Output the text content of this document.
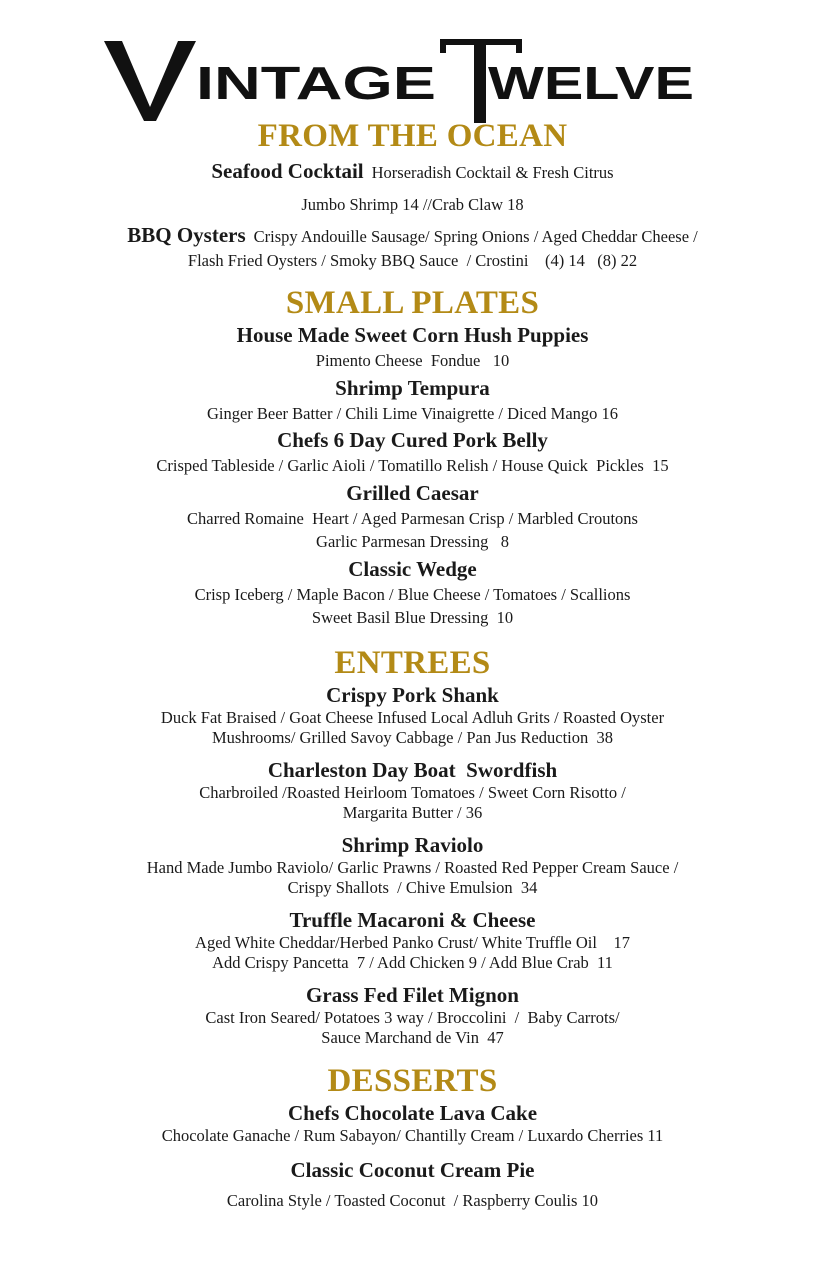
INTAGE WELVE
FROM THE OCEAN

Seafood Cocktail Horseradish Cocktail & Fresh Citrus

Jumbo Shrimp 14 //Crab Claw 18

BBQ Oysters Crispy Andouille Sausage/ Spring Onions / Aged Cheddar Cheese /

Flash Fried Oysters / Smoky BBQ Sauce  / Crostini    (4) 14   (8) 22

SMALL PLATES

House Made Sweet Corn Hush Puppies

Pimento Cheese  Fondue   10

Shrimp Tempura

Ginger Beer Batter / Chili Lime Vinaigrette / Diced Mango 16

Chefs 6 Day Cured Pork Belly

Crisped Tableside / Garlic Aioli / Tomatillo Relish / House Quick  Pickles  15

Grilled Caesar

Charred Romaine  Heart / Aged Parmesan Crisp / Marbled Croutons

Garlic Parmesan Dressing   8

Classic Wedge

Crisp Iceberg / Maple Bacon / Blue Cheese / Tomatoes / Scallions

Sweet Basil Blue Dressing  10

ENTREES

Crispy Pork Shank

Duck Fat Braised / Goat Cheese Infused Local Adluh Grits / Roasted Oyster

Mushrooms/ Grilled Savoy Cabbage / Pan Jus Reduction  38

Charleston Day Boat  Swordfish

Charbroiled /Roasted Heirloom Tomatoes / Sweet Corn Risotto /

Margarita Butter / 36

Shrimp Raviolo

Hand Made Jumbo Raviolo/ Garlic Prawns / Roasted Red Pepper Cream Sauce /

Crispy Shallots  / Chive Emulsion  34

Truffle Macaroni & Cheese

Aged White Cheddar/Herbed Panko Crust/ White Truffle Oil    17

Add Crispy Pancetta  7 / Add Chicken 9 / Add Blue Crab  11

Grass Fed Filet Mignon

Cast Iron Seared/ Potatoes 3 way / Broccolini  /  Baby Carrots/

Sauce Marchand de Vin  47

DESSERTS

Chefs Chocolate Lava Cake

Chocolate Ganache / Rum Sabayon/ Chantilly Cream / Luxardo Cherries 11

Classic Coconut Cream Pie

Carolina Style / Toasted Coconut  / Raspberry Coulis 10
